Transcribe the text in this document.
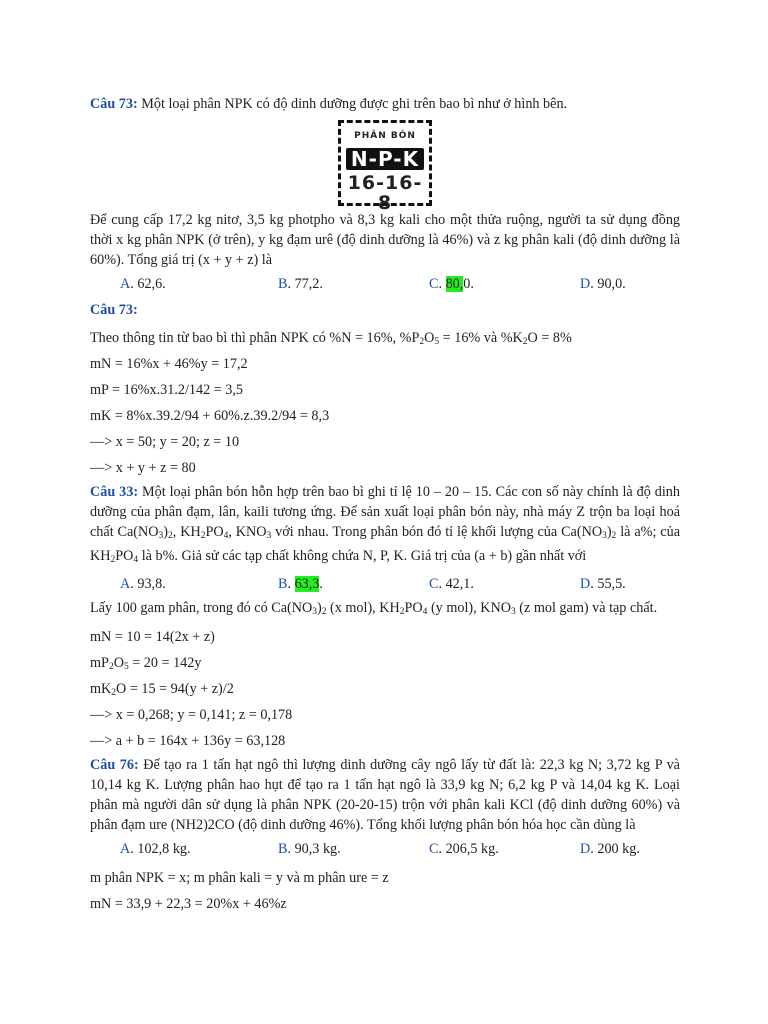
Câu 73: Một loại phân NPK có độ dinh dưỡng được ghi trên bao bì như ở hình bên.

PHÂN BÓN
N-P-K
16-16-8

Để cung cấp 17,2 kg nitơ, 3,5 kg photpho và 8,3 kg kali cho một thửa ruộng, người ta sử dụng đồng thời x kg phân NPK (ở trên), y kg đạm urê (độ dinh dưỡng là 46%) và z kg phân kali (độ dinh dưỡng là 60%). Tổng giá trị (x + y + z) là

A. 62,6.	B. 77,2.	C. 80,0.	D. 90,0.
Câu 73:
Theo thông tin từ bao bì thì phân NPK có %N = 16%, $\%P_2O_5 = 16\%$ và $\%K_2O = 8\%$
mN = 16%x + 46%y = 17,2
mP = 16%x.31.2/142 = 3,5
mK = 8%x.39.2/94 + 60%.z.39.2/94 = 8,3
—> x = 50; y = 20; z = 10
—> x + y + z = 80

Câu 33: Một loại phân bón hỗn hợp trên bao bì ghi tỉ lệ 10 – 20 – 15. Các con số này chính là độ dinh dưỡng của phân đạm, lân, kaili tương ứng. Để sản xuất loại phân bón này, nhà máy Z trộn ba loại hoá chất $Ca(NO_3)_2$, $KH_2PO_4$, $KNO_3$ với nhau. Trong phân bón đó tỉ lệ khối lượng của $Ca(NO_3)_2$ là a%; của $KH_2PO_4$ là b%. Giả sử các tạp chất không chứa N, P, K. Giá trị của (a + b) gần nhất với

A. 93,8.	B. 63,3.	C. 42,1.	D. 55,5.

Lấy 100 gam phân, trong đó có $Ca(NO_3)_2$ (x mol), $KH_2PO_4$ (y mol), $KNO_3$ (z mol gam) và tạp chất.

mN = 10 = 14(2x + z)
$mP_2O_5 = 20 = 142y$
$mK_2O = 15 = 94(y + z)/2$
—> x = 0,268; y = 0,141; z = 0,178
—> a + b = 164x + 136y = 63,128

Câu 76: Để tạo ra 1 tấn hạt ngô thì lượng dinh dưỡng cây ngô lấy từ đất là: 22,3 kg N; 3,72 kg P và 10,14 kg K. Lượng phân hao hụt để tạo ra 1 tấn hạt ngô là 33,9 kg N; 6,2 kg P và 14,04 kg K. Loại phân mà người dân sử dụng là phân NPK (20-20-15) trộn với phân kali KCl (độ dinh dưỡng 60%) và phân đạm ure (NH2)2CO (độ dinh dưỡng 46%). Tổng khối lượng phân bón hóa học cần dùng là

A. 102,8 kg.	B. 90,3 kg.	C. 206,5 kg.	D. 200 kg.
m phân NPK = x; m phân kali = y và m phân ure = z
mN = 33,9 + 22,3 = 20%x + 46%z
